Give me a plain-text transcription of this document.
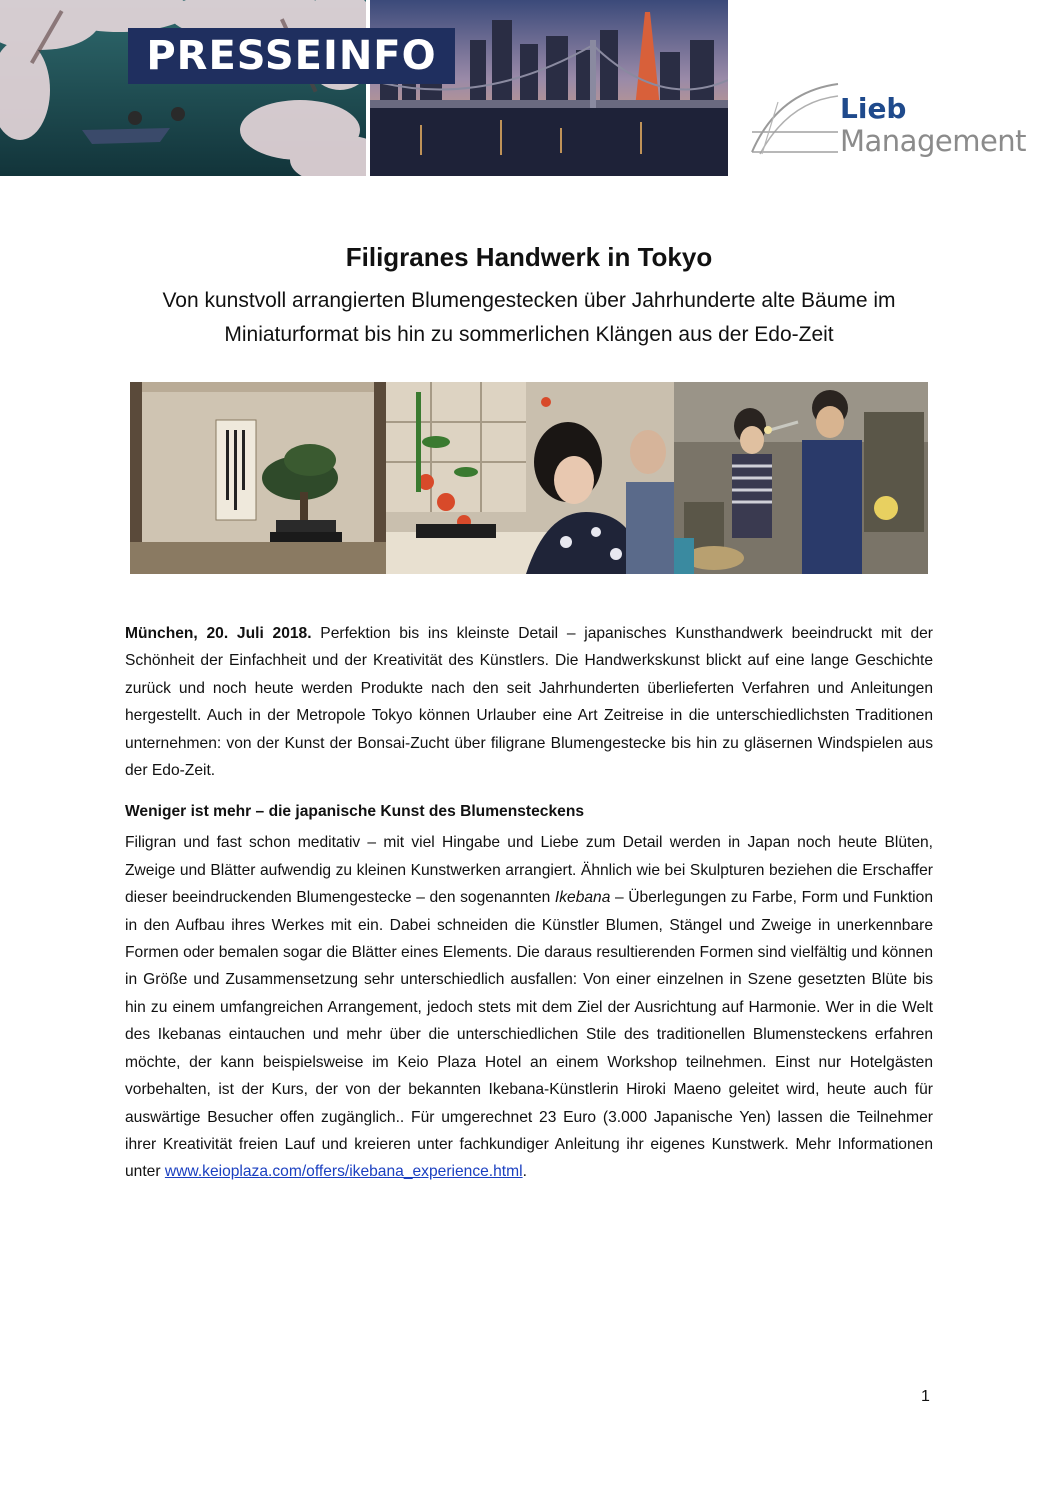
PRESSEINFO
Lieb
Management
Filigranes Handwerk in Tokyo
Von kunstvoll arrangierten Blumengestecken über Jahrhunderte alte Bäume im Miniaturformat bis hin zu sommerlichen Klängen aus der Edo-Zeit

München, 20. Juli 2018. Perfektion bis ins kleinste Detail – japanisches Kunsthandwerk beeindruckt mit der Schönheit der Einfachheit und der Kreativität des Künstlers. Die Handwerkskunst blickt auf eine lange Geschichte zurück und noch heute werden Produkte nach den seit Jahrhunderten überlieferten Verfahren und Anleitungen hergestellt. Auch in der Metropole Tokyo können Urlauber eine Art Zeitreise in die unterschiedlichsten Traditionen unternehmen: von der Kunst der Bonsai-Zucht über filigrane Blumengestecke bis hin zu gläsernen Windspielen aus der Edo-Zeit.

Weniger ist mehr – die japanische Kunst des Blumensteckens

Filigran und fast schon meditativ – mit viel Hingabe und Liebe zum Detail werden in Japan noch heute Blüten, Zweige und Blätter aufwendig zu kleinen Kunstwerken arrangiert. Ähnlich wie bei Skulpturen beziehen die Erschaffer dieser beeindruckenden Blumengestecke – den sogenannten Ikebana – Überlegungen zu Farbe, Form und Funktion in den Aufbau ihres Werkes mit ein. Dabei schneiden die Künstler Blumen, Stängel und Zweige in unerkennbare Formen oder bemalen sogar die Blätter eines Elements. Die daraus resultierenden Formen sind vielfältig und können in Größe und Zusammensetzung sehr unterschiedlich ausfallen: Von einer einzelnen in Szene gesetzten Blüte bis hin zu einem umfangreichen Arrangement, jedoch stets mit dem Ziel der Ausrichtung auf Harmonie. Wer in die Welt des Ikebanas eintauchen und mehr über die unterschiedlichen Stile des traditionellen Blumensteckens erfahren möchte, der kann beispielsweise im Keio Plaza Hotel an einem Workshop teilnehmen. Einst nur Hotelgästen vorbehalten, ist der Kurs, der von der bekannten Ikebana-Künstlerin Hiroki Maeno geleitet wird, heute auch für auswärtige Besucher offen zugänglich.. Für umgerechnet 23 Euro (3.000 Japanische Yen) lassen die Teilnehmer ihrer Kreativität freien Lauf und kreieren unter fachkundiger Anleitung ihr eigenes Kunstwerk. Mehr Informationen unter www.keioplaza.com/offers/ikebana_experience.html.

1
